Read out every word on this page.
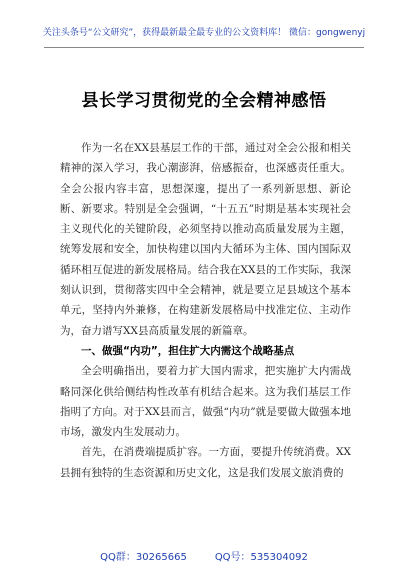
关注头条号“公文研究”，获得最新最全最专业的公文资料库！ 微信：gongwenyj
县长学习贯彻党的全会精神感悟

作为一名在XX县基层工作的干部，通过对全会公报和相关精神的深入学习，我心潮澎湃，倍感振奋，也深感责任重大。全会公报内容丰富，思想深邃，提出了一系列新思想、新论断、新要求。特别是全会强调，“十五五”时期是基本实现社会主义现代化的关键阶段，必须坚持以推动高质量发展为主题，统筹发展和安全，加快构建以国内大循环为主体、国内国际双循环相互促进的新发展格局。结合我在XX县的工作实际，我深刻认识到，贯彻落实四中全会精神，就是要立足县域这个基本单元，坚持内外兼修，在构建新发展格局中找准定位、主动作为，奋力谱写XX县高质量发展的新篇章。

一、做强“内功”，担住扩大内需这个战略基点

全会明确指出，要着力扩大国内需求，把实施扩大内需战略同深化供给侧结构性改革有机结合起来。这为我们基层工作指明了方向。对于XX县而言，做强“内功”就是要做大做强本地市场，激发内生发展动力。

首先，在消费端提质扩容。一方面，要提升传统消费。XX县拥有独特的生态资源和历史文化，这是我们发展文旅消费的

QQ群：30265665	QQ号：535304092
